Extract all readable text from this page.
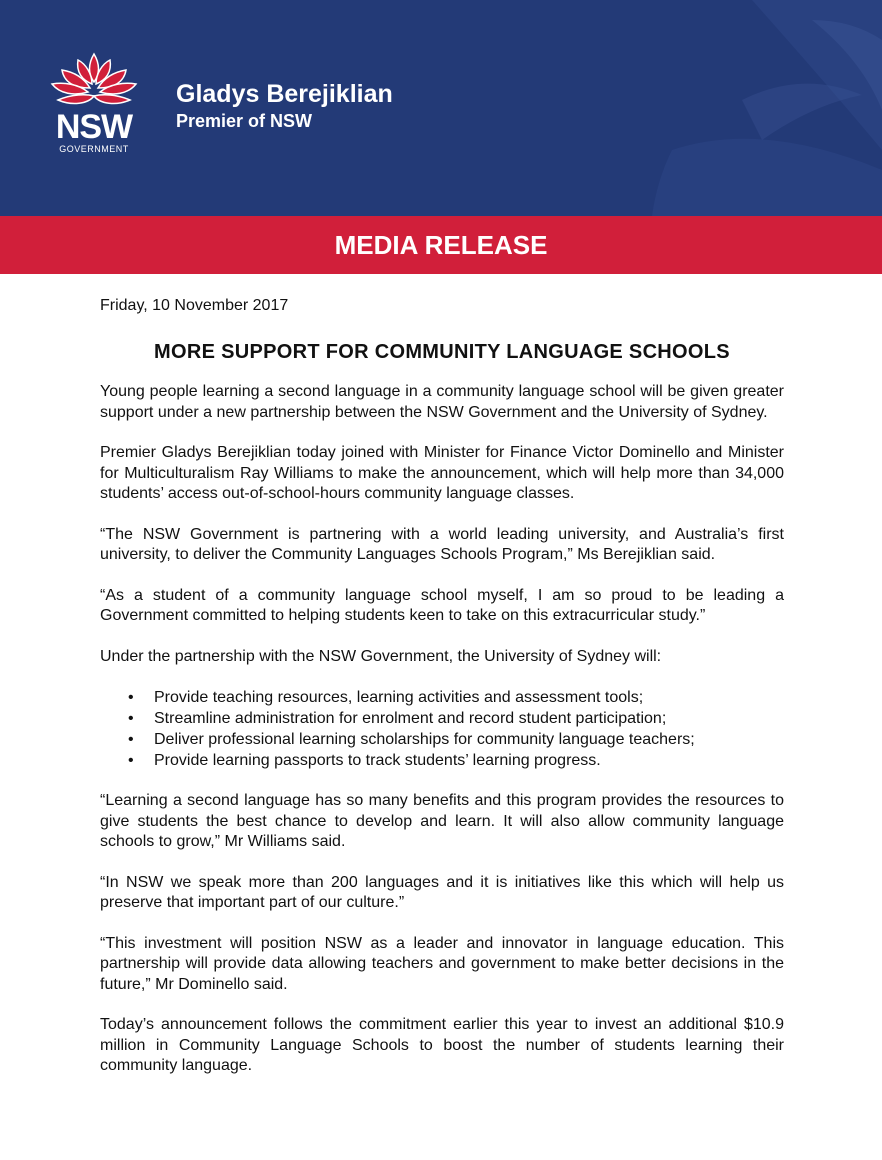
NSW
GOVERNMENT
Gladys Berejiklian
Premier of NSW
MEDIA RELEASE

Friday, 10 November 2017

MORE SUPPORT FOR COMMUNITY LANGUAGE SCHOOLS

Young people learning a second language in a community language school will be given greater support under a new partnership between the NSW Government and the University of Sydney.

Premier Gladys Berejiklian today joined with Minister for Finance Victor Dominello and Minister for Multiculturalism Ray Williams to make the announcement, which will help more than 34,000 students’ access out-of-school-hours community language classes.

“The NSW Government is partnering with a world leading university, and Australia’s first university, to deliver the Community Languages Schools Program,” Ms Berejiklian said.

“As a student of a community language school myself, I am so proud to be leading a Government committed to helping students keen to take on this extracurricular study.”

Under the partnership with the NSW Government, the University of Sydney will:

• Provide teaching resources, learning activities and assessment tools;
• Streamline administration for enrolment and record student participation;
• Deliver professional learning scholarships for community language teachers;
• Provide learning passports to track students’ learning progress.

“Learning a second language has so many benefits and this program provides the resources to give students the best chance to develop and learn. It will also allow community language schools to grow,” Mr Williams said.

“In NSW we speak more than 200 languages and it is initiatives like this which will help us preserve that important part of our culture.”

“This investment will position NSW as a leader and innovator in language education. This partnership will provide data allowing teachers and government to make better decisions in the future,” Mr Dominello said.

Today’s announcement follows the commitment earlier this year to invest an additional $10.9 million in Community Language Schools to boost the number of students learning their community language.
